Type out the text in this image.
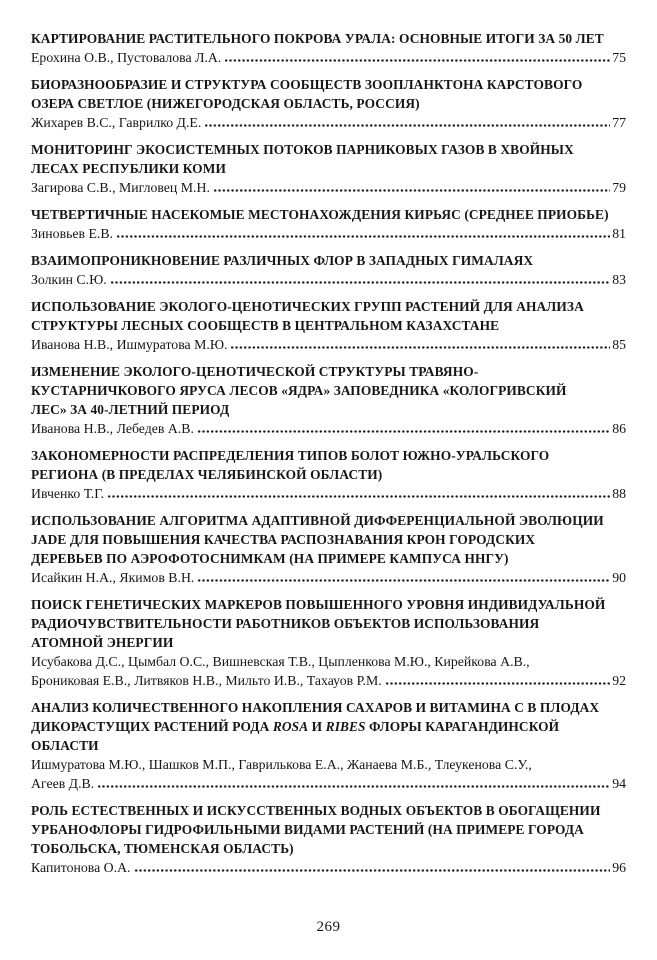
КАРТИРОВАНИЕ РАСТИТЕЛЬНОГО ПОКРОВА УРАЛА: ОСНОВНЫЕ ИТОГИ ЗА 50 ЛЕТ
Ерохина О.В., Пустовалова Л.А.	75
БИОРАЗНООБРАЗИЕ И СТРУКТУРА СООБЩЕСТВ ЗООПЛАНКТОНА КАРСТОВОГО
ОЗЕРА СВЕТЛОЕ (НИЖЕГОРОДСКАЯ ОБЛАСТЬ, РОССИЯ)
Жихарев В.С., Гаврилко Д.Е.	77
МОНИТОРИНГ ЭКОСИСТЕМНЫХ ПОТОКОВ ПАРНИКОВЫХ ГАЗОВ В ХВОЙНЫХ
ЛЕСАХ РЕСПУБЛИКИ КОМИ
Загирова С.В., Мигловец М.Н.	79
ЧЕТВЕРТИЧНЫЕ НАСЕКОМЫЕ МЕСТОНАХОЖДЕНИЯ КИРЬЯС (СРЕДНЕЕ ПРИОБЬЕ)
Зиновьев Е.В.	81
ВЗАИМОПРОНИКНОВЕНИЕ РАЗЛИЧНЫХ ФЛОР В ЗАПАДНЫХ ГИМАЛАЯХ
Золкин С.Ю.	83
ИСПОЛЬЗОВАНИЕ ЭКОЛОГО-ЦЕНОТИЧЕСКИХ ГРУПП РАСТЕНИЙ ДЛЯ АНАЛИЗА
СТРУКТУРЫ ЛЕСНЫХ СООБЩЕСТВ В ЦЕНТРАЛЬНОМ КАЗАХСТАНЕ
Иванова Н.В., Ишмуратова М.Ю.	85
ИЗМЕНЕНИЕ ЭКОЛОГО-ЦЕНОТИЧЕСКОЙ СТРУКТУРЫ ТРАВЯНО-
КУСТАРНИЧКОВОГО ЯРУСА ЛЕСОВ «ЯДРА» ЗАПОВЕДНИКА «КОЛОГРИВСКИЙ
ЛЕС» ЗА 40-ЛЕТНИЙ ПЕРИОД
Иванова Н.В., Лебедев А.В.	86
ЗАКОНОМЕРНОСТИ РАСПРЕДЕЛЕНИЯ ТИПОВ БОЛОТ ЮЖНО-УРАЛЬСКОГО
РЕГИОНА (В ПРЕДЕЛАХ ЧЕЛЯБИНСКОЙ ОБЛАСТИ)
Ивченко Т.Г.	88
ИСПОЛЬЗОВАНИЕ АЛГОРИТМА АДАПТИВНОЙ ДИФФЕРЕНЦИАЛЬНОЙ ЭВОЛЮЦИИ
JADE ДЛЯ ПОВЫШЕНИЯ КАЧЕСТВА РАСПОЗНАВАНИЯ КРОН ГОРОДСКИХ
ДЕРЕВЬЕВ ПО АЭРОФОТОСНИМКАМ (НА ПРИМЕРЕ КАМПУСА ННГУ)
Исайкин Н.А., Якимов В.Н.	90
ПОИСК ГЕНЕТИЧЕСКИХ МАРКЕРОВ ПОВЫШЕННОГО УРОВНЯ ИНДИВИДУАЛЬНОЙ
РАДИОЧУВСТВИТЕЛЬНОСТИ РАБОТНИКОВ ОБЪЕКТОВ ИСПОЛЬЗОВАНИЯ
АТОМНОЙ ЭНЕРГИИ
Исубакова Д.С., Цымбал О.С., Вишневская Т.В., Цыпленкова М.Ю., Кирейкова А.В.,
Брониковая Е.В., Литвяков Н.В., Мильто И.В., Тахауов Р.М.	92
АНАЛИЗ КОЛИЧЕСТВЕННОГО НАКОПЛЕНИЯ САХАРОВ И ВИТАМИНА С В ПЛОДАХ
ДИКОРАСТУЩИХ РАСТЕНИЙ РОДА ROSA И RIBES ФЛОРЫ КАРАГАНДИНСКОЙ
ОБЛАСТИ
Ишмуратова М.Ю., Шашков М.П., Гаврилькова Е.А., Жанаева М.Б., Тлеукенова С.У.,
Агеев Д.В.	94
РОЛЬ ЕСТЕСТВЕННЫХ И ИСКУССТВЕННЫХ ВОДНЫХ ОБЪЕКТОВ В ОБОГАЩЕНИИ
УРБАНОФЛОРЫ ГИДРОФИЛЬНЫМИ ВИДАМИ РАСТЕНИЙ (НА ПРИМЕРЕ ГОРОДА
ТОБОЛЬСКА, ТЮМЕНСКАЯ ОБЛАСТЬ)
Капитонова О.А.	96
269
